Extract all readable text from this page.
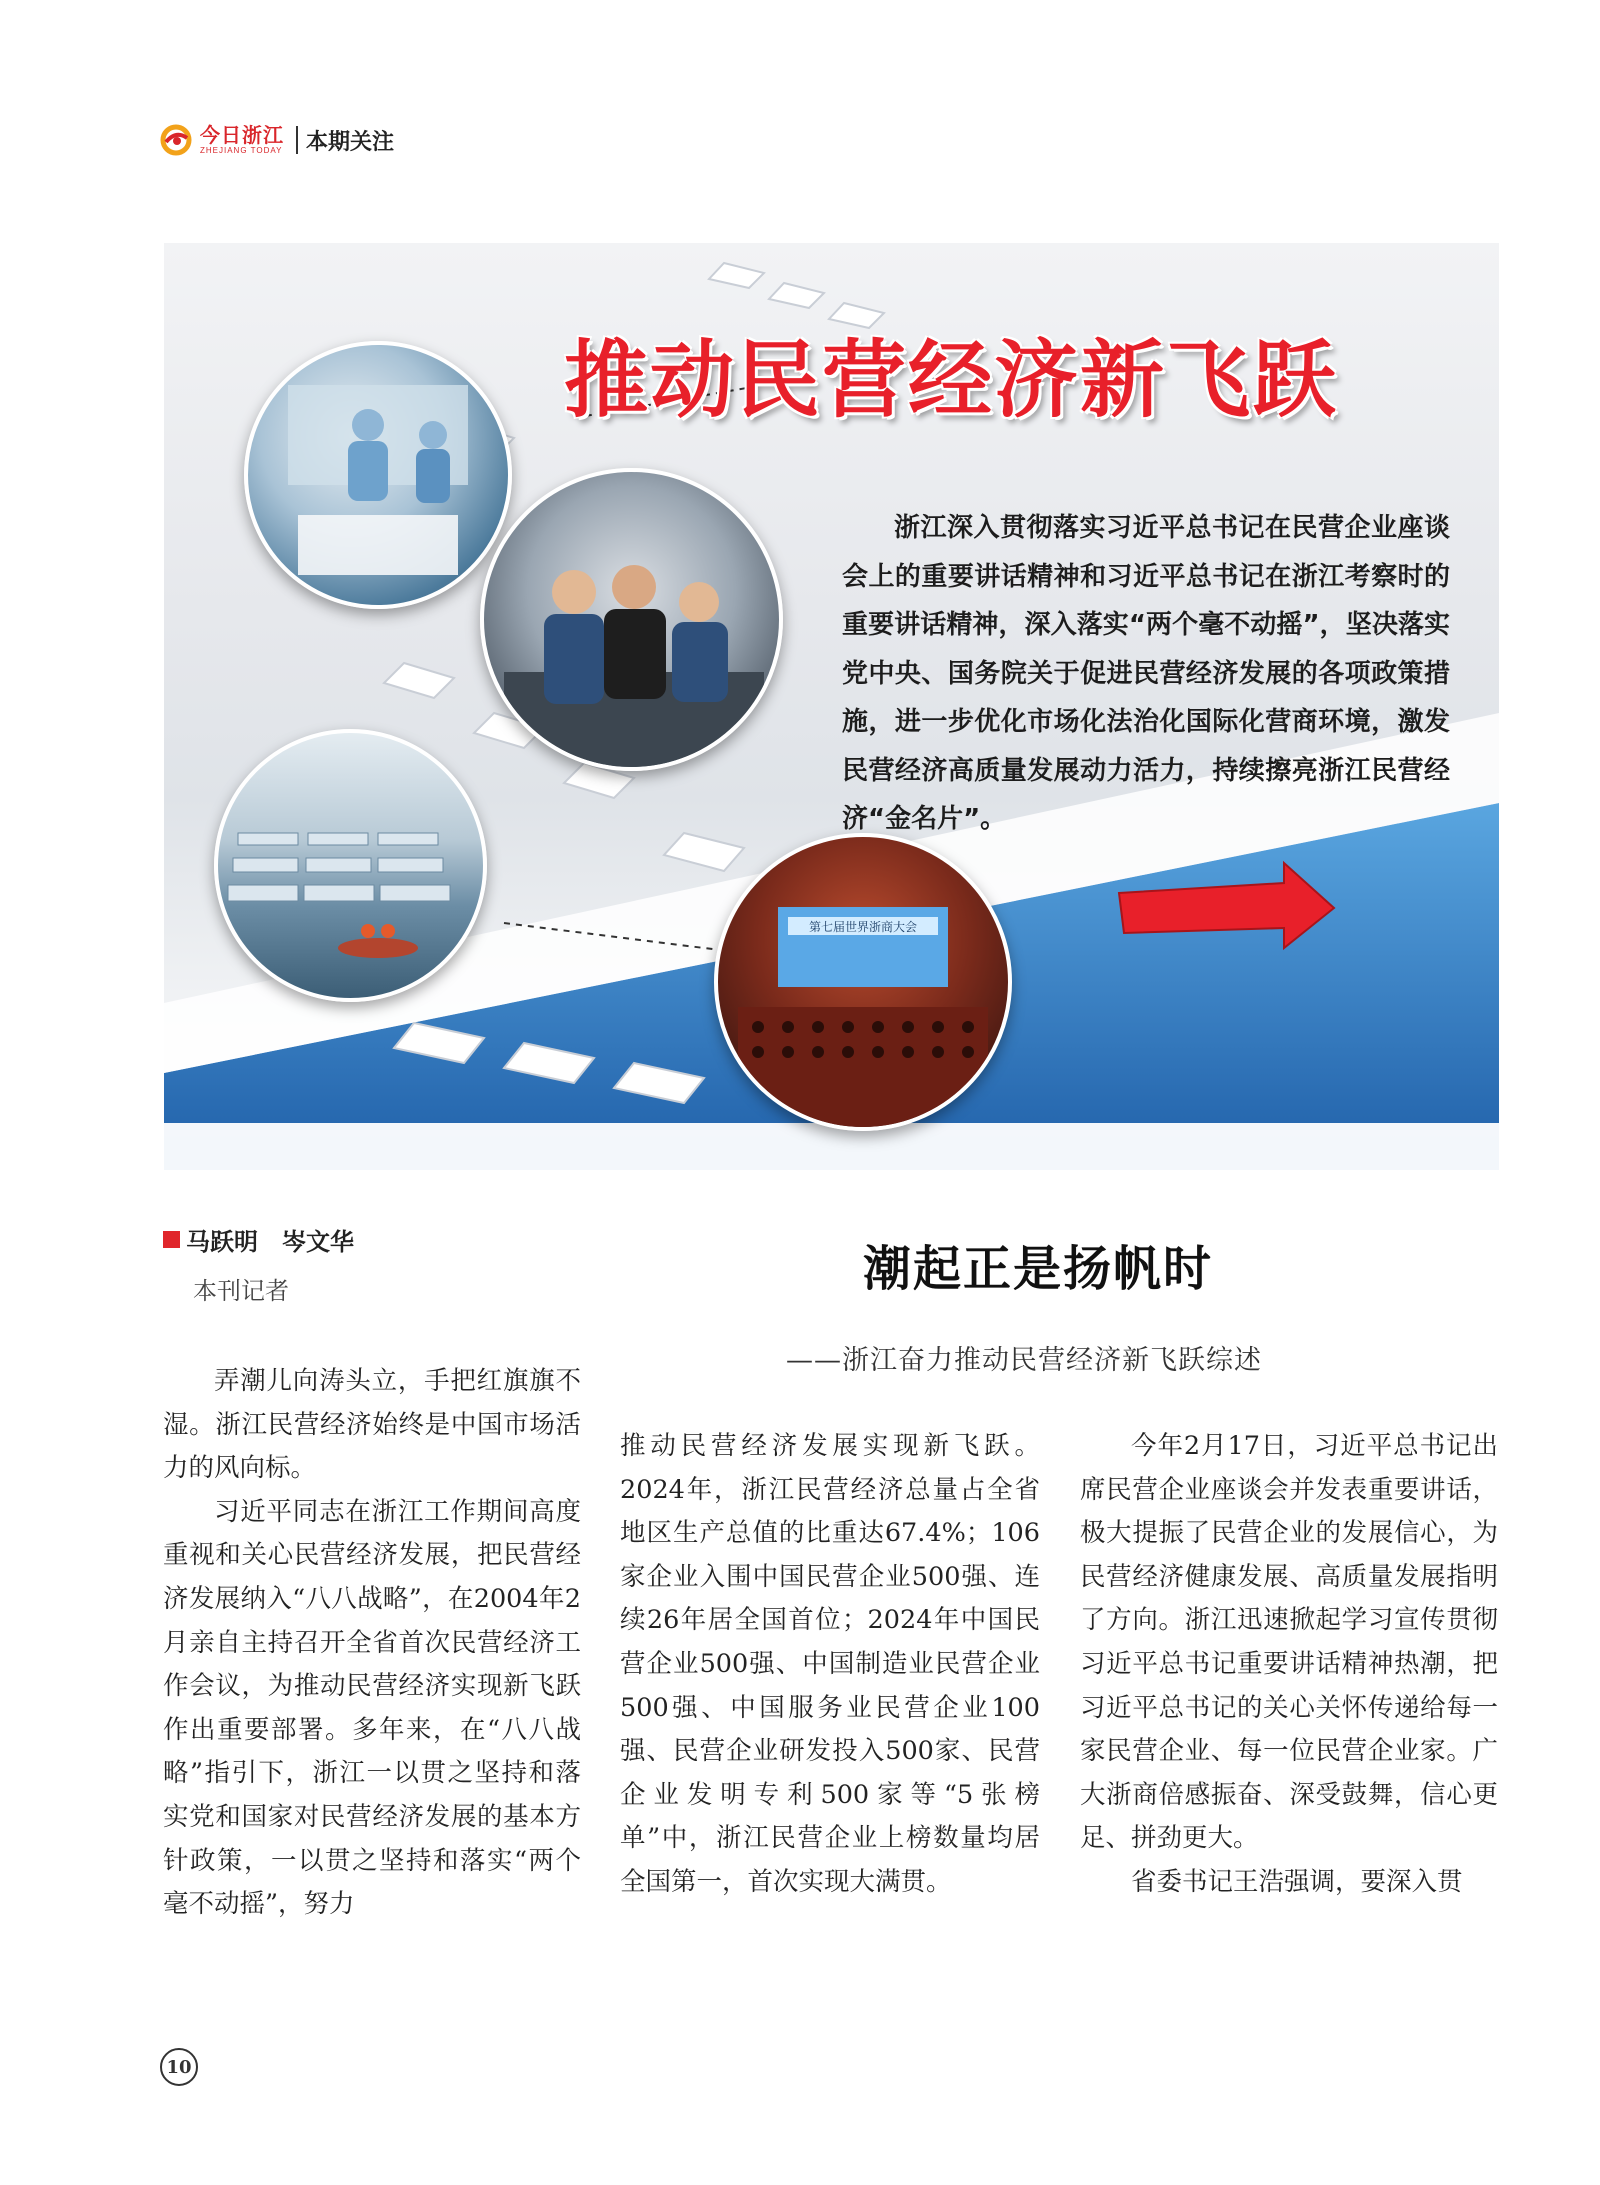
今日浙江
ZHEJIANG TODAY 本期关注
推动民营经济新飞跃
第七届世界浙商大会

浙江深入贯彻落实习近平总书记在民营企业座谈会上的重要讲话精神和习近平总书记在浙江考察时的重要讲话精神，深入落实“两个毫不动摇”，坚决落实党中央、国务院关于促进民营经济发展的各项政策措施，进一步优化市场化法治化国际化营商环境，激发民营经济高质量发展动力活力，持续擦亮浙江民营经济“金名片”。

马跃明　岑文华
本刊记者	潮起正是扬帆时
——浙江奋力推动民营经济新飞跃综述

弄潮儿向涛头立，手把红旗旗不湿。浙江民营经济始终是中国市场活力的风向标。

习近平同志在浙江工作期间高度重视和关心民营经济发展，把民营经济发展纳入“八八战略”，在2004年2月亲自主持召开全省首次民营经济工作会议，为推动民营经济实现新飞跃作出重要部署。多年来，在“八八战略”指引下，浙江一以贯之坚持和落实党和国家对民营经济发展的基本方针政策，一以贯之坚持和落实“两个毫不动摇”，努力

推动民营经济发展实现新飞跃。2024年，浙江民营经济总量占全省地区生产总值的比重达67.4%；106家企业入围中国民营企业500强、连续26年居全国首位；2024年中国民营企业500强、中国制造业民营企业500强、中国服务业民营企业100强、民营企业研发投入500家、民营企业发明专利500家等“5张榜单”中，浙江民营企业上榜数量均居全国第一，首次实现大满贯。

今年2月17日，习近平总书记出席民营企业座谈会并发表重要讲话，极大提振了民营企业的发展信心，为民营经济健康发展、高质量发展指明了方向。浙江迅速掀起学习宣传贯彻习近平总书记重要讲话精神热潮，把习近平总书记的关心关怀传递给每一家民营企业、每一位民营企业家。广大浙商倍感振奋、深受鼓舞，信心更足、拼劲更大。

省委书记王浩强调，要深入贯

10
